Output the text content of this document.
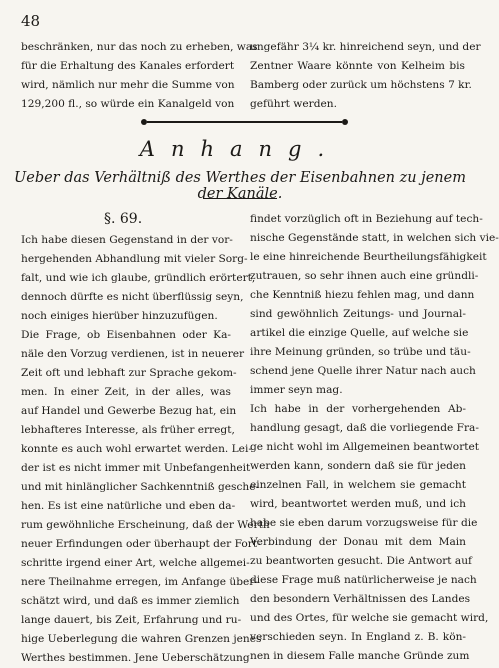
48
beschränken, nur das noch zu erheben, was
für die Erhaltung des Kanales erfordert
wird, nämlich nur mehr die Summe von
129,200 fl., so würde ein Kanalgeld von
ungefähr 3¼ kr. hinreichend seyn, und der
Zentner Waare könnte von Kelheim bis
Bamberg oder zurück um höchstens 7 kr.
geführt werden.
Anhang.
Ueber das Verhältniß des Werthes der Eisenbahnen zu jenem der Kanäle.
§. 69.
Ich habe diesen Gegenstand in der vor-
hergehenden Abhandlung mit vieler Sorg-
falt, und wie ich glaube, gründlich erörtert,
dennoch dürfte es nicht überflüssig seyn,
noch einiges hierüber hinzuzufügen.
Die Frage, ob Eisenbahnen oder Ka-
näle den Vorzug verdienen, ist in neuerer
Zeit oft und lebhaft zur Sprache gekom-
men. In einer Zeit, in der alles, was
auf Handel und Gewerbe Bezug hat, ein
lebhafteres Interesse, als früher erregt,
konnte es auch wohl erwartet werden. Lei-
der ist es nicht immer mit Unbefangenheit
und mit hinlänglicher Sachkenntniß gesche-
hen. Es ist eine natürliche und eben da-
rum gewöhnliche Erscheinung, daß der Werth
neuer Erfindungen oder überhaupt der Fort-
schritte irgend einer Art, welche allgemei-
nere Theilnahme erregen, im Anfange über-
schätzt wird, und daß es immer ziemlich
lange dauert, bis Zeit, Erfahrung und ru-
hige Ueberlegung die wahren Grenzen jenes
Werthes bestimmen. Jene Ueberschätzung
findet vorzüglich oft in Beziehung auf tech-
nische Gegenstände statt, in welchen sich vie-
le eine hinreichende Beurtheilungsfähigkeit
zutrauen, so sehr ihnen auch eine gründli-
che Kenntniß hiezu fehlen mag, und dann
sind gewöhnlich Zeitungs- und Journal-
artikel die einzige Quelle, auf welche sie
ihre Meinung gründen, so trübe und täu-
schend jene Quelle ihrer Natur nach auch
immer seyn mag.
Ich habe in der vorhergehenden Ab-
handlung gesagt, daß die vorliegende Fra-
ge nicht wohl im Allgemeinen beantwortet
werden kann, sondern daß sie für jeden
einzelnen Fall, in welchem sie gemacht
wird, beantwortet werden muß, und ich
habe sie eben darum vorzugsweise für die
Verbindung der Donau mit dem Main
zu beantworten gesucht. Die Antwort auf
diese Frage muß natürlicherweise je nach
den besondern Verhältnissen des Landes
und des Ortes, für welche sie gemacht wird,
verschieden seyn. In England z. B. kön-
nen in diesem Falle manche Gründe zum
